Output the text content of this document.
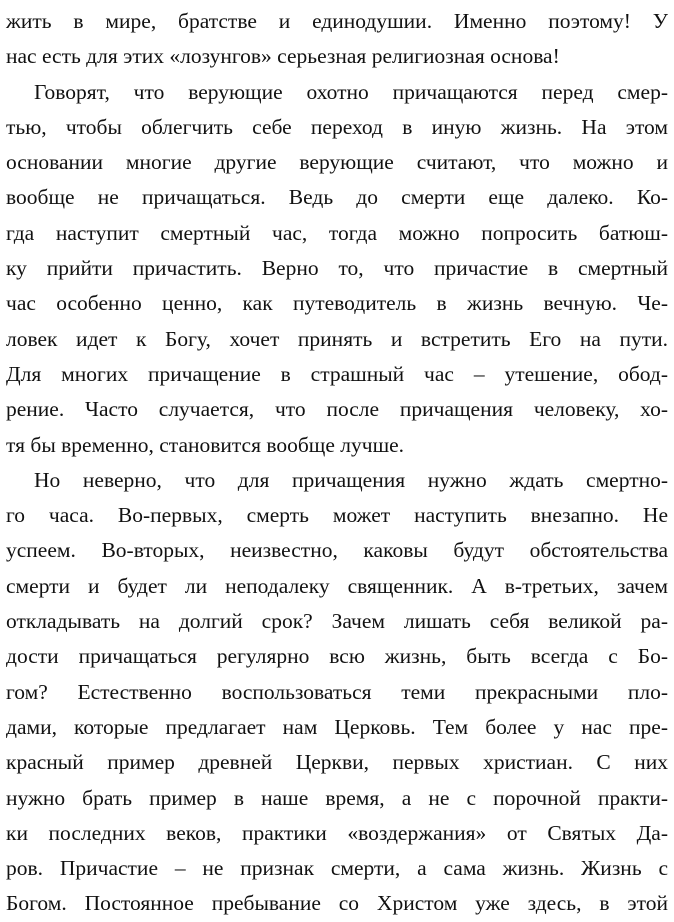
жить в мире, братстве и единодушии. Именно поэтому! У
нас есть для этих «лозунгов» серьезная религиозная основа!
Говорят, что верующие охотно причащаются перед смер-
тью, чтобы облегчить себе переход в иную жизнь. На этом
основании многие другие верующие считают, что можно и
вообще не причащаться. Ведь до смерти еще далеко. Ко-
гда наступит смертный час, тогда можно попросить батюш-
ку прийти причастить. Верно то, что причастие в смертный
час особенно ценно, как путеводитель в жизнь вечную. Че-
ловек идет к Богу, хочет принять и встретить Его на пути.
Для многих причащение в страшный час – утешение, обод-
рение. Часто случается, что после причащения человеку, хо-
тя бы временно, становится вообще лучше.
Но неверно, что для причащения нужно ждать смертно-
го часа. Во-первых, смерть может наступить внезапно. Не
успеем. Во-вторых, неизвестно, каковы будут обстоятельства
смерти и будет ли неподалеку священник. А в-третьих, зачем
откладывать на долгий срок? Зачем лишать себя великой ра-
дости причащаться регулярно всю жизнь, быть всегда с Бо-
гом? Естественно воспользоваться теми прекрасными пло-
дами, которые предлагает нам Церковь. Тем более у нас пре-
красный пример древней Церкви, первых христиан. С них
нужно брать пример в наше время, а не с порочной практи-
ки последних веков, практики «воздержания» от Святых Да-
ров. Причастие – не признак смерти, а сама жизнь. Жизнь с
Богом. Постоянное пребывание со Христом уже здесь, в этой
